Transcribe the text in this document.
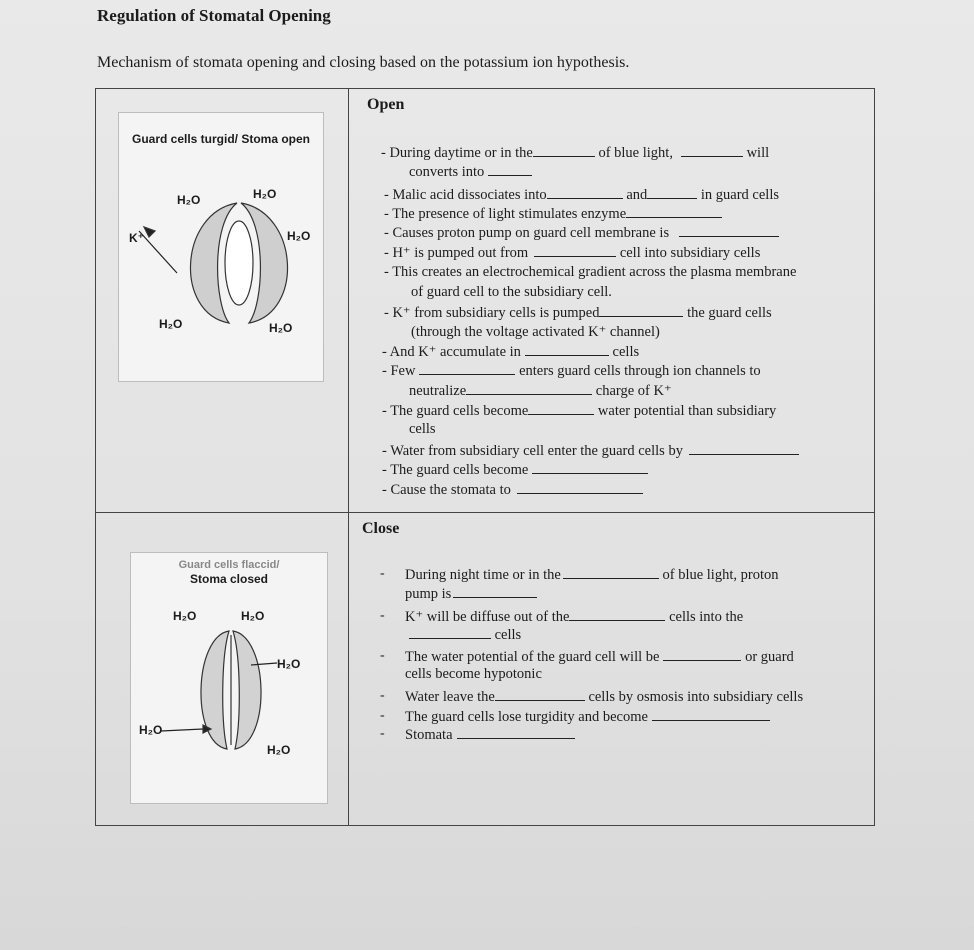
Regulation of Stomatal Opening
Mechanism of stomata opening and closing based on the potassium ion hypothesis.
Open
Guard cells turgid/ Stoma open
H₂O	H₂O
H₂O
K⁺
H₂O	H₂O
- During daytime or in the	of blue light,	will
converts into
- Malic acid dissociates into	and	in guard cells
- The presence of light stimulates enzyme
- Causes proton pump on guard cell membrane is
- H⁺ is pumped out from	cell into subsidiary cells
- This creates an electrochemical gradient across the plasma membrane
of guard cell to the subsidiary cell.
- K⁺ from subsidiary cells is pumped	the guard cells
(through the voltage activated K⁺ channel)
- And K⁺ accumulate in	cells
- Few	enters guard cells through ion channels to
neutralize	charge of K⁺
- The guard cells become	water potential than subsidiary
cells
- Water from subsidiary cell enter the guard cells by
- The guard cells become
- Cause the stomata to
Close
Guard cells flaccid/
Stoma closed
H₂O	H₂O
H₂O
H₂O
H₂O
- During night time or in the	of blue light, proton
pump is
- K⁺ will be diffuse out of the	cells into the
cells
- The water potential of the guard cell will be	or guard
cells become hypotonic
- Water leave the	cells by osmosis into subsidiary cells
- The guard cells lose turgidity and become
- Stomata
